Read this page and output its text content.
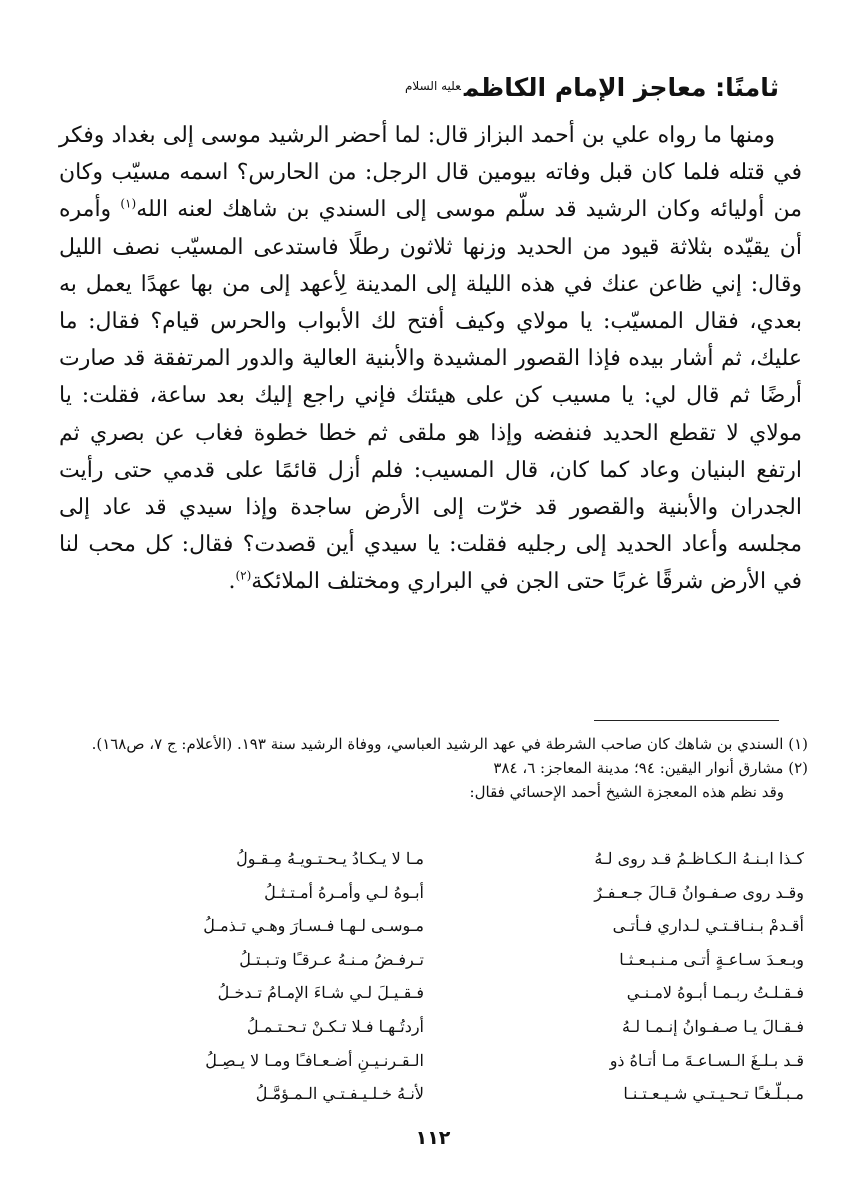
ثامنًا: معاجز الإمام الكاظم$^{عليه السلام}$

ومنها ما رواه علي بن أحمد البزاز قال: لما أحضر الرشيد موسى إلى بغداد وفكر في قتله فلما كان قبل وفاته بيومين قال الرجل: من الحارس؟ اسمه مسيّب وكان من أوليائه وكان الرشيد قد سلّم موسى إلى السندي بن شاهك لعنه الله$^{(١)}$ وأمره أن يقيّده بثلاثة قيود من الحديد وزنها ثلاثون رطلًا فاستدعى المسيّب نصف الليل وقال: إني ظاعن عنك في هذه الليلة إلى المدينة لِأعهد إلى من بها عهدًا يعمل به بعدي، فقال المسيّب: يا مولاي وكيف أفتح لك الأبواب والحرس قيام؟ فقال: ما عليك، ثم أشار بيده فإذا القصور المشيدة والأبنية العالية والدور المرتفقة قد صارت أرضًا ثم قال لي: يا مسيب كن على هيئتك فإني راجع إليك بعد ساعة، فقلت: يا مولاي لا تقطع الحديد فنفضه وإذا هو ملقى ثم خطا خطوة فغاب عن بصري ثم ارتفع البنيان وعاد كما كان، قال المسيب: فلم أزل قائمًا على قدمي حتى رأيت الجدران والأبنية والقصور قد خرّت إلى الأرض ساجدة وإذا سيدي قد عاد إلى مجلسه وأعاد الحديد إلى رجليه فقلت: يا سيدي أين قصدت؟ فقال: كل محب لنا في الأرض شرقًا غربًا حتى الجن في البراري ومختلف الملائكة$^{(٢)}$.

(١) السندي بن شاهك كان صاحب الشرطة في عهد الرشيد العباسي، ووفاة الرشيد سنة ١٩٣. (الأعلام: ج ٧، ص١٦٨).

(٢) مشارق أنوار اليقين: ٩٤؛ مدينة المعاجز: ٦، ٣٨٤

وقد نظم هذه المعجزة الشيخ أحمد الإحسائي فقال:

كـذا ابـنـهُ الـكـاظـمُ قـد روى لـهُ
مـا لا يـكـادُ يـحـتـويـهُ مِـقـولُ
وقـد روى صـفـوانُ قـالَ جـعـفـرٌ
أبـوهُ لـي وأمـرهُ أمـتـثـلُ
أقـدمْ بـنـاقـتـي لـداري فـأتـى
مـوسـى لـهـا فـسـارَ وهـي تـذمـلُ
وبـعـدَ سـاعـةٍ أتـى مـنـبـعـثـا
تـرفـضُ مـنـهُ عـرقـًا وتـبـتـلُ
فـقـلـتُ ربـمـا أبـوهُ لامـنـي
فـقـيـلَ لـي شـاءَ الإمـامُ تـدخـلُ
فـقـالَ يـا صـفـوانُ إنـمـا لـهُ
أردتُـهـا فـلا تـكـنْ تـحـتـمـلُ
قـد بـلـغَ الـسـاعـةَ مـا أتـاهُ ذو
الـقـرنـيـنِ أضـعـافـًا ومـا لا يـصِـلُ
مـبـلّـغـًا تـحـيـتـي شـيـعـتـنـا
لأنـهُ خـلـيـفـتـي الـمـؤمَّـلُ
١١٢
